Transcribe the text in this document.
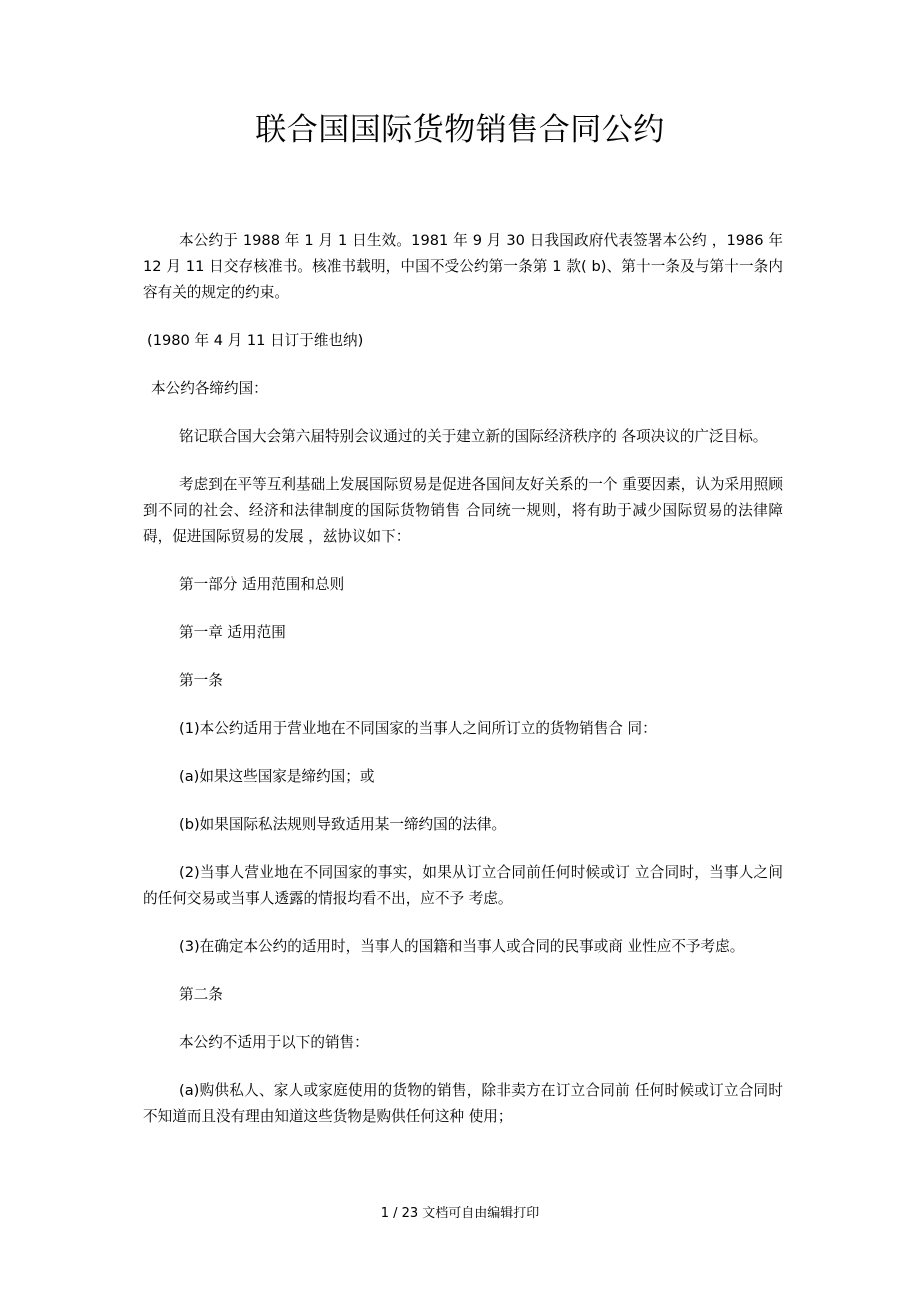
联合国国际货物销售合同公约

本公约于 1988 年 1 月 1 日生效。1981 年 9 月 30 日我国政府代表签署本公约 ，1986 年 12 月 11 日交存核准书。核准书载明，中国不受公约第一条第 1 款( b)、第十一条及与第十一条内容有关的规定的约束。

(1980 年 4 月 11 日订于维也纳)

本公约各缔约国：

铭记联合国大会第六届特别会议通过的关于建立新的国际经济秩序的 各项决议的广泛目标。

考虑到在平等互利基础上发展国际贸易是促进各国间友好关系的一个 重要因素，认为采用照顾到不同的社会、经济和法律制度的国际货物销售 合同统一规则，将有助于减少国际贸易的法律障碍，促进国际贸易的发展 ，兹协议如下：

第一部分 适用范围和总则

第一章 适用范围

第一条

(1)本公约适用于营业地在不同国家的当事人之间所订立的货物销售合 同：

(a)如果这些国家是缔约国；或

(b)如果国际私法规则导致适用某一缔约国的法律。

(2)当事人营业地在不同国家的事实，如果从订立合同前任何时候或订 立合同时，当事人之间的任何交易或当事人透露的情报均看不出，应不予 考虑。

(3)在确定本公约的适用时，当事人的国籍和当事人或合同的民事或商 业性应不予考虑。

第二条

本公约不适用于以下的销售：

(a)购供私人、家人或家庭使用的货物的销售，除非卖方在订立合同前 任何时候或订立合同时不知道而且没有理由知道这些货物是购供任何这种 使用；

1 / 23 文档可自由编辑打印
